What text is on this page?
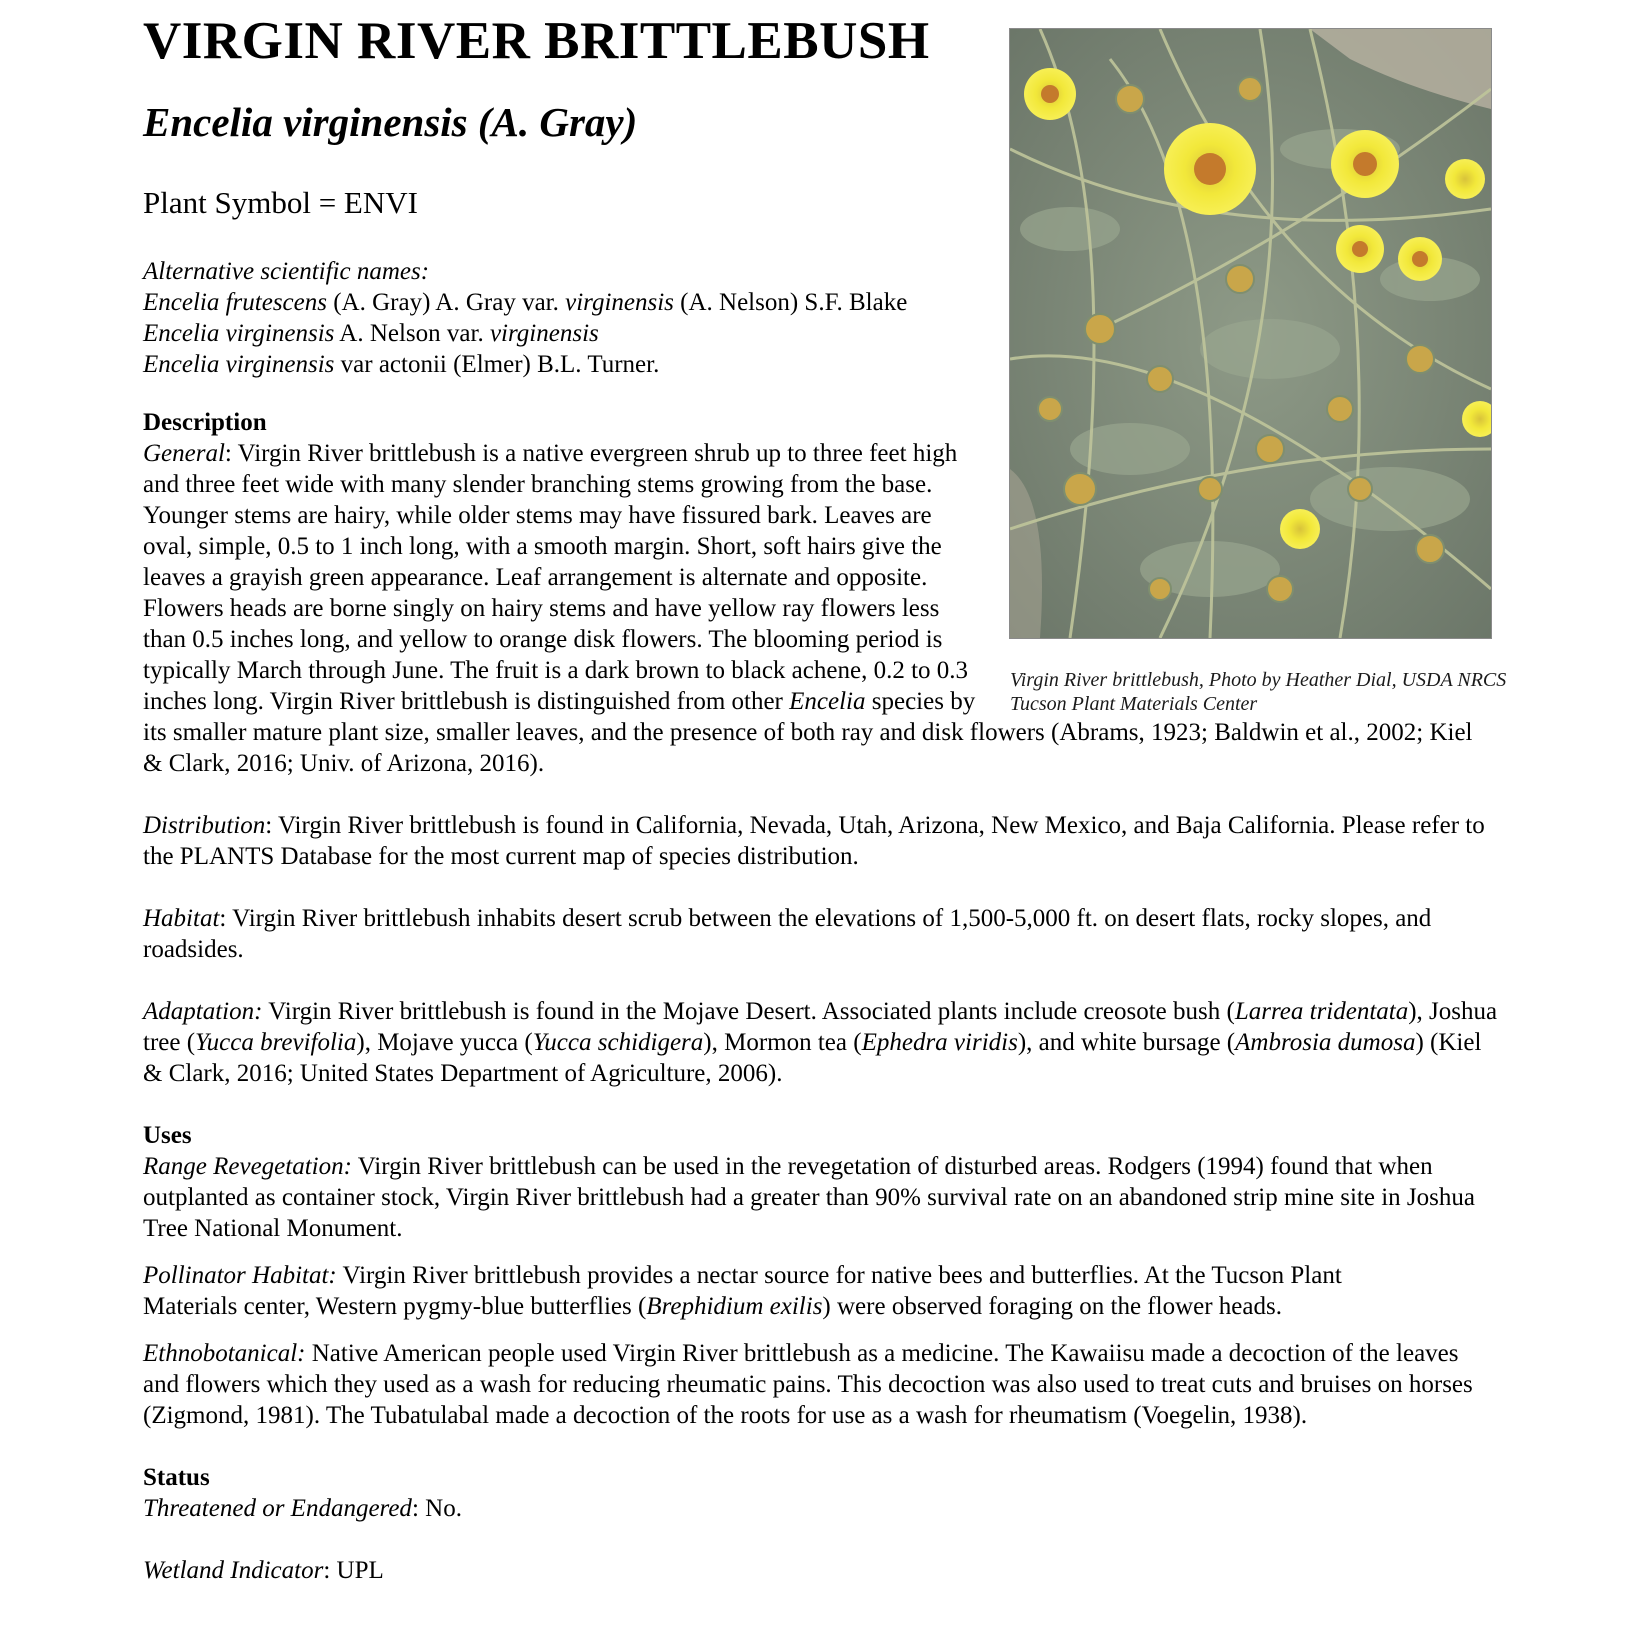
VIRGIN RIVER BRITTLEBUSH
Encelia virginensis (A. Gray)
Plant Symbol = ENVI
Alternative scientific names:
Encelia frutescens (A. Gray) A. Gray var. virginensis (A. Nelson) S.F. Blake
Encelia virginensis A. Nelson var. virginensis
Encelia virginensis var actonii (Elmer) B.L. Turner.
Virgin River brittlebush, Photo by Heather Dial, USDA NRCS Tucson Plant Materials Center
Description

General: Virgin River brittlebush is a native evergreen shrub up to three feet high and three feet wide with many slender branching stems growing from the base. Younger stems are hairy, while older stems may have fissured bark. Leaves are oval, simple, 0.5 to 1 inch long, with a smooth margin. Short, soft hairs give the leaves a grayish green appearance. Leaf arrangement is alternate and opposite. Flowers heads are borne singly on hairy stems and have yellow ray flowers less than 0.5 inches long, and yellow to orange disk flowers. The blooming period is typically March through June. The fruit is a dark brown to black achene, 0.2 to 0.3 inches long. Virgin River brittlebush is distinguished from other Encelia species by its smaller mature plant size, smaller leaves, and the presence of both ray and disk flowers (Abrams, 1923; Baldwin et al., 2002; Kiel & Clark, 2016; Univ. of Arizona, 2016).

Distribution: Virgin River brittlebush is found in California, Nevada, Utah, Arizona, New Mexico, and Baja California. Please refer to the PLANTS Database for the most current map of species distribution.

Habitat: Virgin River brittlebush inhabits desert scrub between the elevations of 1,500-5,000 ft. on desert flats, rocky slopes, and roadsides.

Adaptation: Virgin River brittlebush is found in the Mojave Desert. Associated plants include creosote bush (Larrea tridentata), Joshua tree (Yucca brevifolia), Mojave yucca (Yucca schidigera), Mormon tea (Ephedra viridis), and white bursage (Ambrosia dumosa) (Kiel & Clark, 2016; United States Department of Agriculture, 2006).

Uses

Range Revegetation: Virgin River brittlebush can be used in the revegetation of disturbed areas. Rodgers (1994) found that when outplanted as container stock, Virgin River brittlebush had a greater than 90% survival rate on an abandoned strip mine site in Joshua Tree National Monument.

Pollinator Habitat: Virgin River brittlebush provides a nectar source for native bees and butterflies. At the Tucson Plant Materials center, Western pygmy-blue butterflies (Brephidium exilis) were observed foraging on the flower heads.

Ethnobotanical: Native American people used Virgin River brittlebush as a medicine. The Kawaiisu made a decoction of the leaves and flowers which they used as a wash for reducing rheumatic pains. This decoction was also used to treat cuts and bruises on horses (Zigmond, 1981). The Tubatulabal made a decoction of the roots for use as a wash for rheumatism (Voegelin, 1938).

Status

Threatened or Endangered: No.

Wetland Indicator: UPL
